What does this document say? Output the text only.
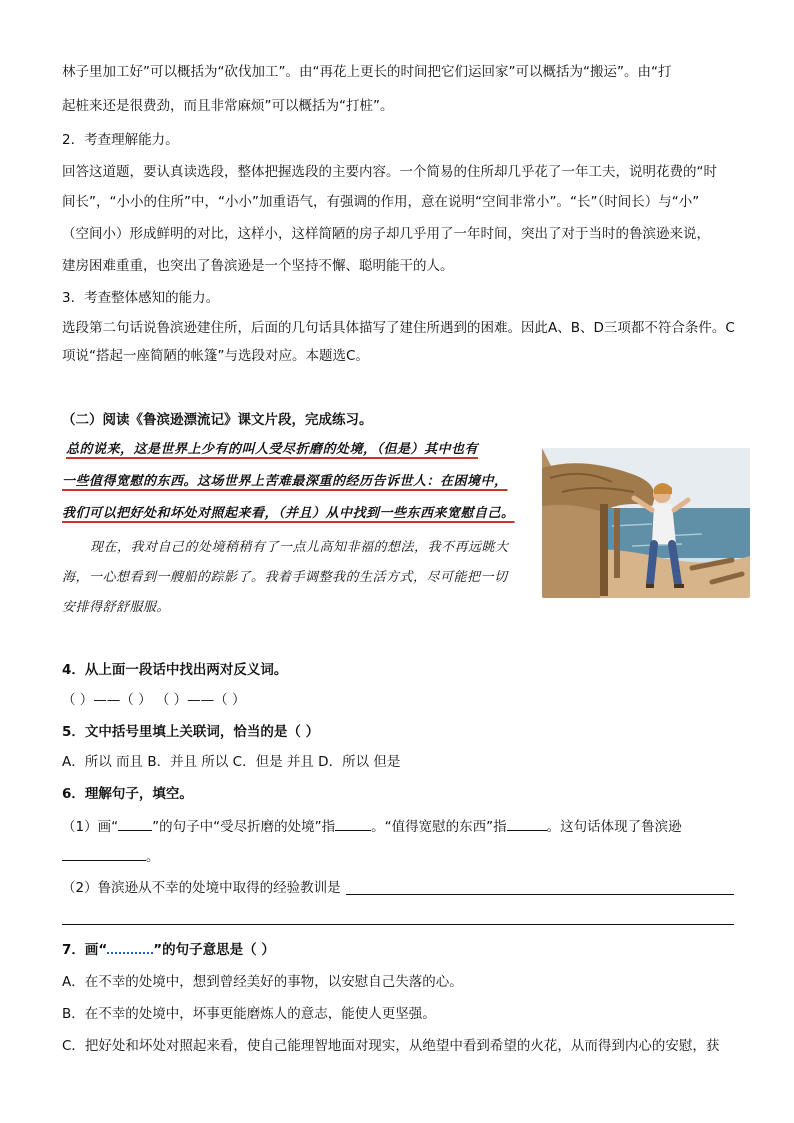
林子里加工好”可以概括为“砍伐加工”。由“再花上更长的时间把它们运回家”可以概括为“搬运”。由“打
起桩来还是很费劲，而且非常麻烦”可以概括为“打桩”。
2．考查理解能力。
回答这道题，要认真读选段，整体把握选段的主要内容。一个简易的住所却几乎花了一年工夫，说明花费的“时
间长”，“小小的住所”中，“小小”加重语气，有强调的作用，意在说明“空间非常小”。“长”（时间长）与“小”
（空间小）形成鲜明的对比，这样小，这样简陋的房子却几乎用了一年时间，突出了对于当时的鲁滨逊来说，
建房困难重重，也突出了鲁滨逊是一个坚持不懈、聪明能干的人。
3．考查整体感知的能力。
选段第二句话说鲁滨逊建住所，后面的几句话具体描写了建住所遇到的困难。因此A、B、D三项都不符合条件。C
项说“搭起一座简陋的帐篷”与选段对应。本题选C。
（二）阅读《鲁滨逊漂流记》课文片段，完成练习。
总的说来，这是世界上少有的叫人受尽折磨的处境，（但是）其中也有
一些值得宽慰的东西。这场世界上苦难最深重的经历告诉世人：在困境中，
我们可以把好处和坏处对照起来看，（并且）从中找到一些东西来宽慰自己。
现在，我对自己的处境稍稍有了一点儿高知非福的想法，我不再远眺大
海，一心想看到一艘船的踪影了。我着手调整我的生活方式，尽可能把一切
安排得舒舒服服。
4．从上面一段话中找出两对反义词。
（ ）——（ ） （ ）——（ ）
5．文中括号里填上关联词，恰当的是（ ）
A．所以 而且 B．并且 所以 C．但是 并且 D．所以 但是
6．理解句子，填空。
（1）画“	”的句子中“受尽折磨的处境”指	。“值得宽慰的东西”指	。这句话体现了鲁滨逊
。
（2）鲁滨逊从不幸的处境中取得的经验教训是
7．画“	”的句子意思是（ ）
A．在不幸的处境中，想到曾经美好的事物，以安慰自己失落的心。
B．在不幸的处境中，坏事更能磨炼人的意志，能使人更坚强。
C．把好处和坏处对照起来看，使自己能理智地面对现实，从绝望中看到希望的火花，从而得到内心的安慰，获
